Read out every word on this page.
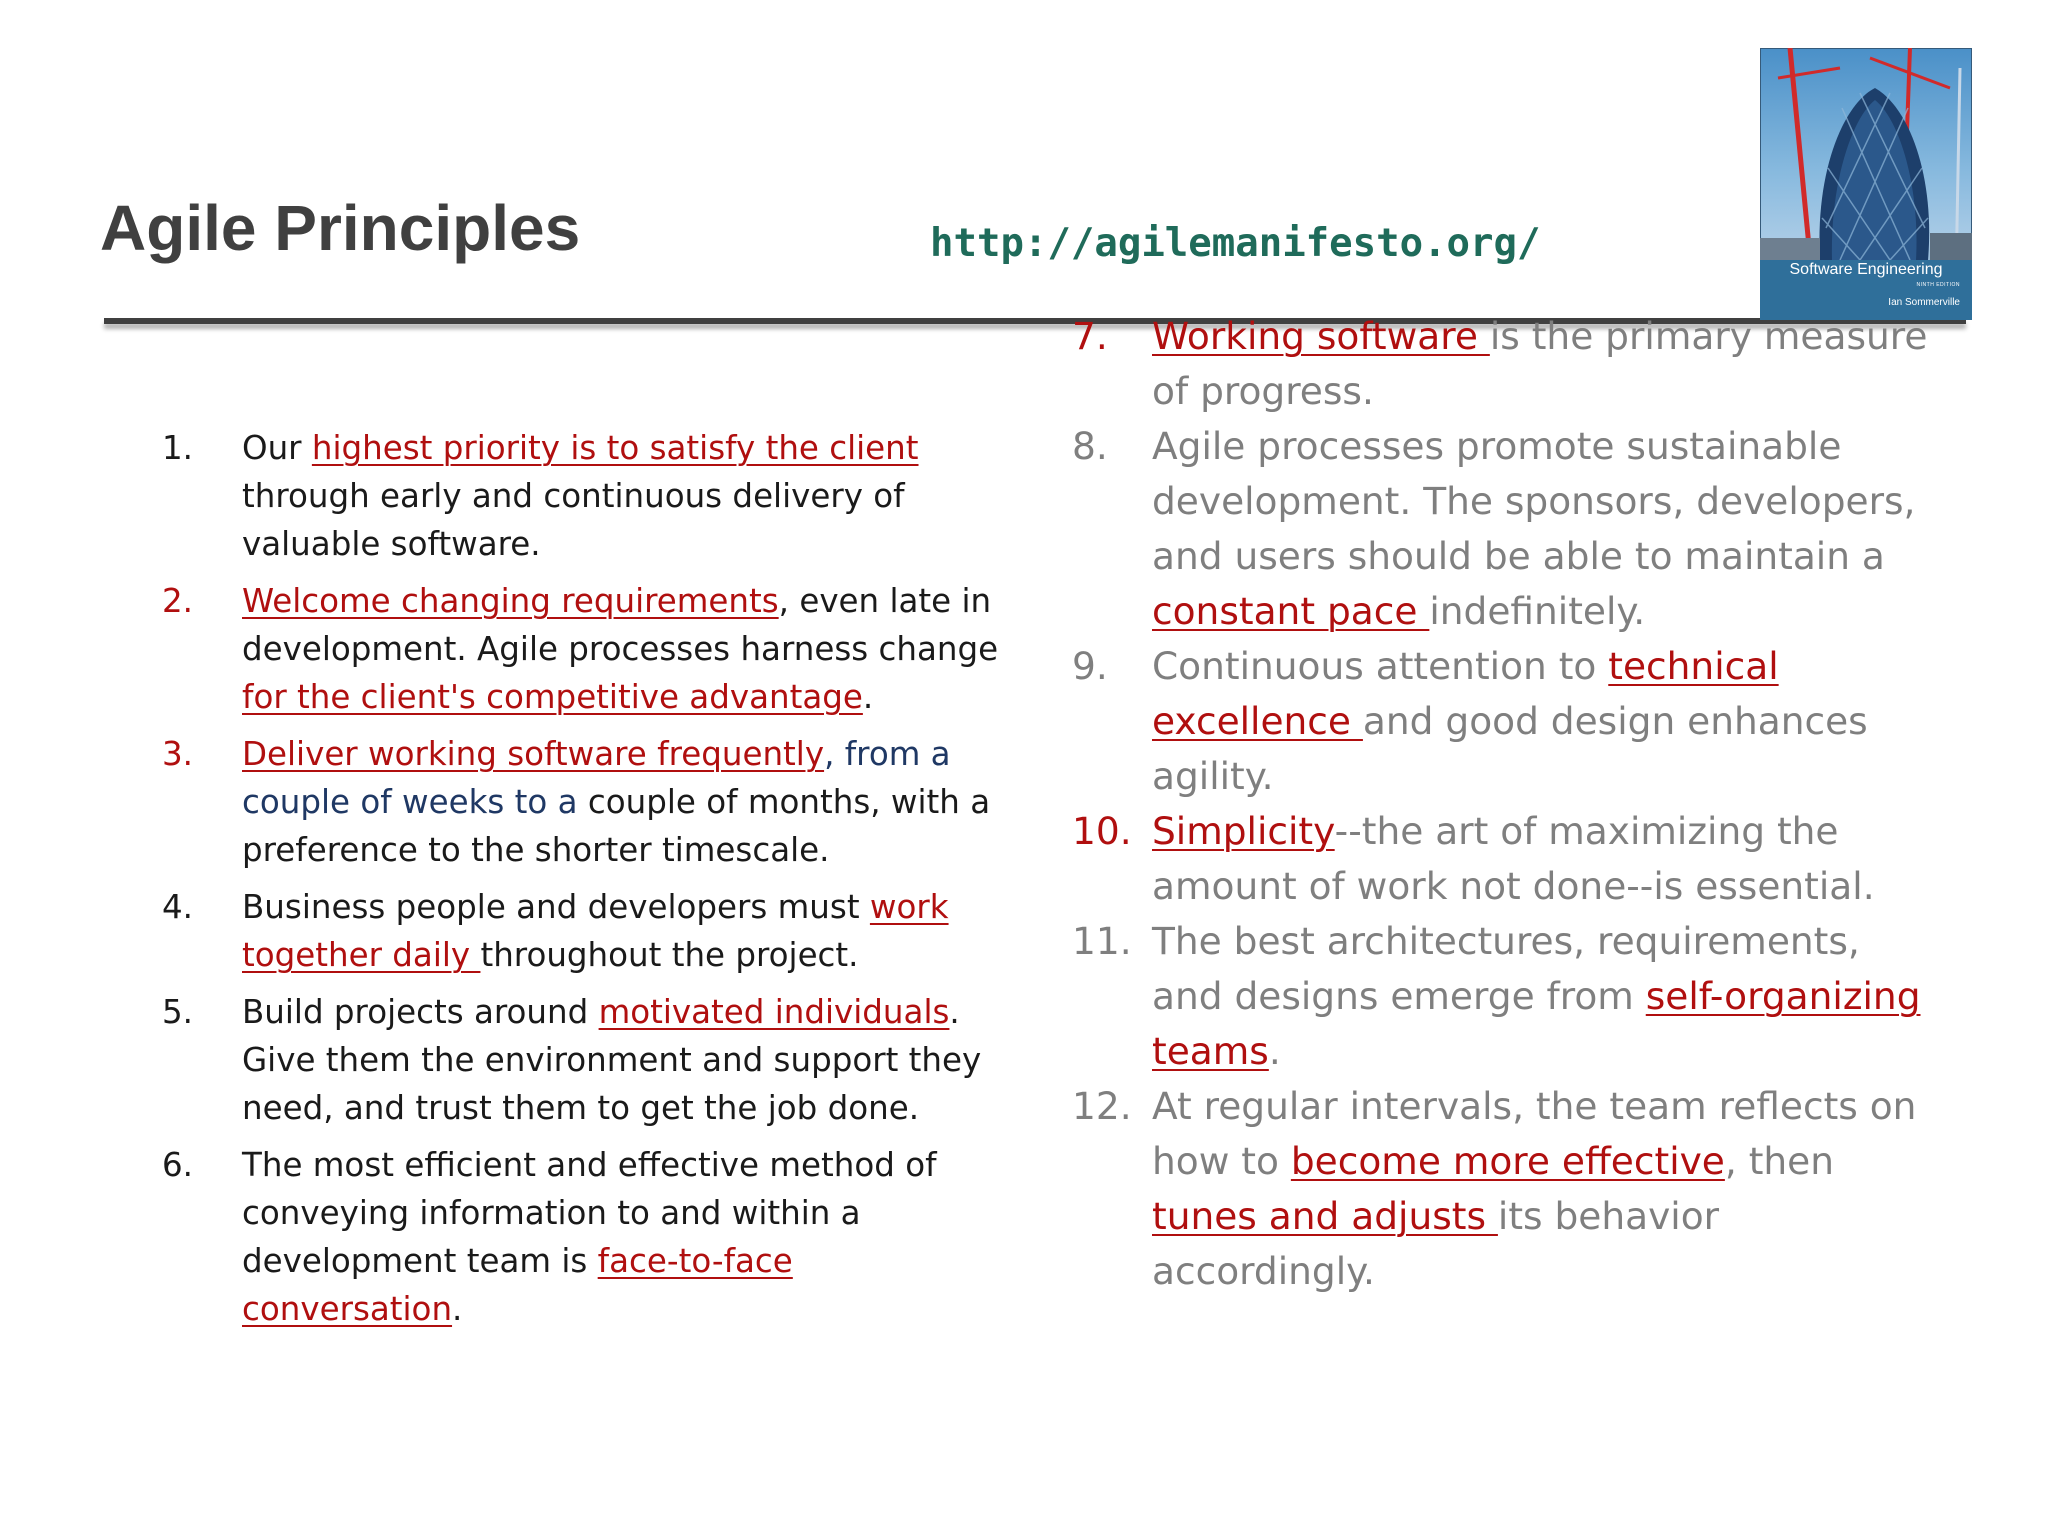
Agile Principles	http://agilemanifesto.org/
Software Engineering
NINTH EDITION
Ian Sommerville
1. Our highest priority is to satisfy the client through early and continuous delivery of valuable software.
2. Welcome changing requirements, even late in development. Agile processes harness change for the client's competitive advantage.
3. Deliver working software frequently, from a couple of weeks to a couple of months, with a preference to the shorter timescale.
4. Business people and developers must work together daily throughout the project.
5. Build projects around motivated individuals. Give them the environment and support they need, and trust them to get the job done.
6. The most efficient and effective method of conveying information to and within a development team is face-to-face conversation.
7. Working software is the primary measure of progress.
8. Agile processes promote sustainable development. The sponsors, developers, and users should be able to maintain a constant pace indefinitely.
9. Continuous attention to technical excellence and good design enhances agility.
10. Simplicity--the art of maximizing the amount of work not done--is essential.
11. The best architectures, requirements, and designs emerge from self-organizing teams.
12. At regular intervals, the team reflects on how to become more effective, then tunes and adjusts its behavior accordingly.
